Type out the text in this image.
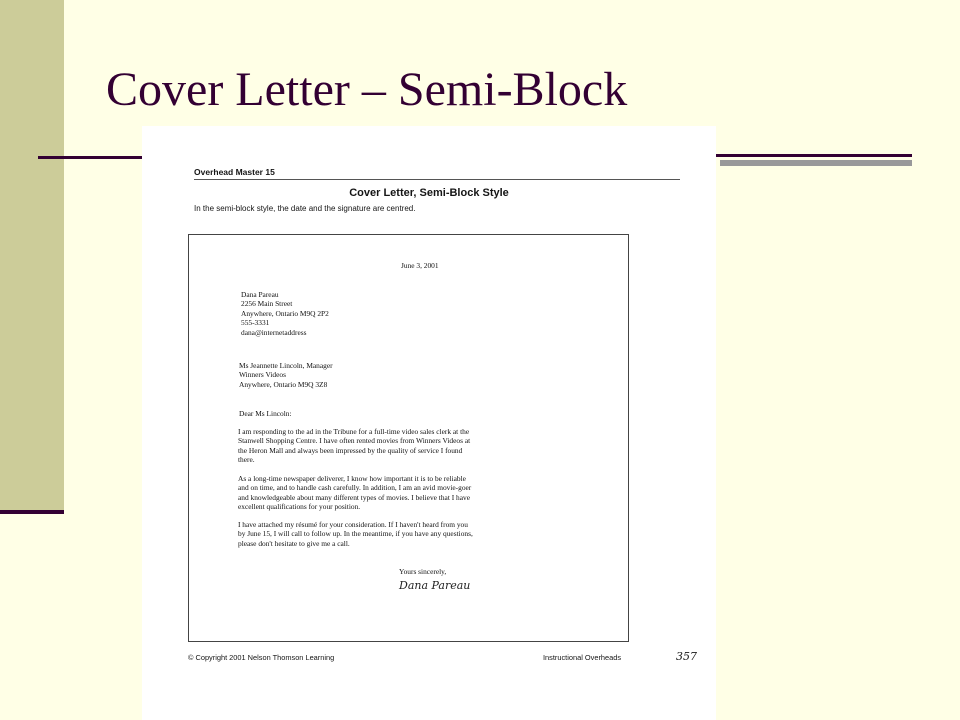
Cover Letter – Semi-Block
Overhead Master 15
Cover Letter, Semi-Block Style
In the semi-block style, the date and the signature are centred.
June 3, 2001
Dana Pareau
2256 Main Street
Anywhere, Ontario M9Q 2P2
555-3331
dana@internetaddress
Ms Jeannette Lincoln, Manager
Winners Videos
Anywhere, Ontario M9Q 3Z8
Dear Ms Lincoln:
I am responding to the ad in the Tribune for a full-time video sales clerk at the
Stanwell Shopping Centre. I have often rented movies from Winners Videos at
the Heron Mall and always been impressed by the quality of service I found
there.
As a long-time newspaper deliverer, I know how important it is to be reliable
and on time, and to handle cash carefully. In addition, I am an avid movie-goer
and knowledgeable about many different types of movies. I believe that I have
excellent qualifications for your position.
I have attached my résumé for your consideration. If I haven't heard from you
by June 15, I will call to follow up. In the meantime, if you have any questions,
please don't hesitate to give me a call.
Yours sincerely,
Dana Pareau
© Copyright 2001 Nelson Thomson Learning	Instructional Overheads	357
